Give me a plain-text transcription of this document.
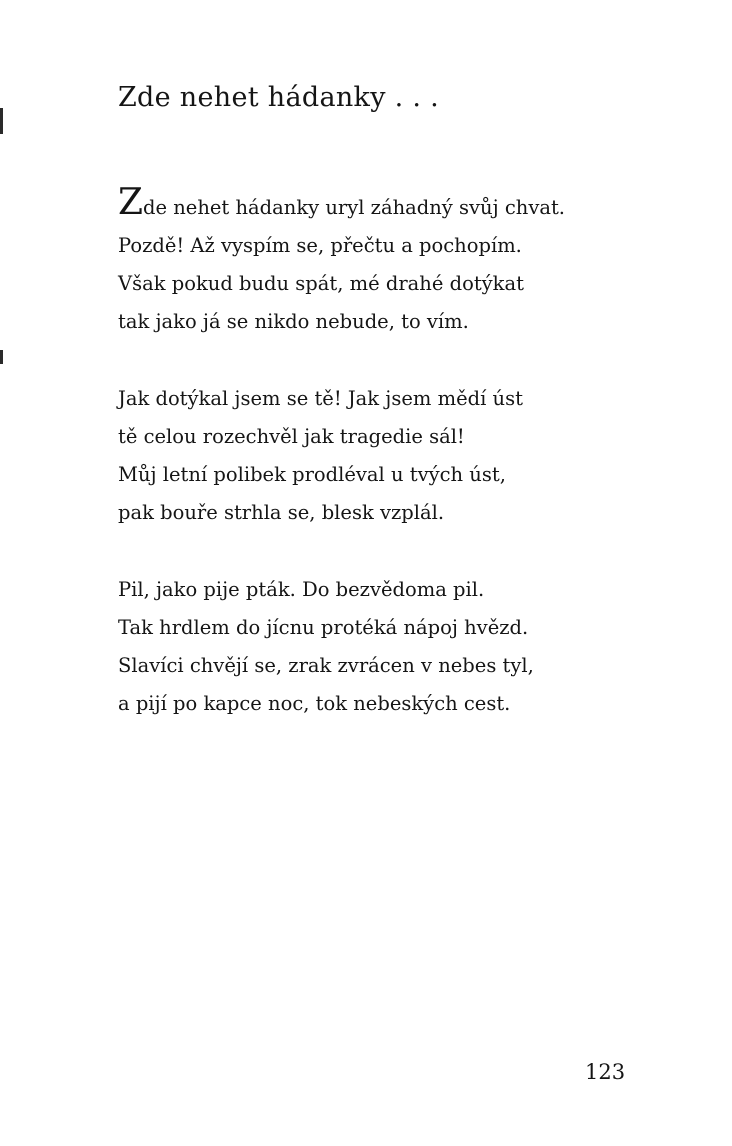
Zde nehet hádanky . . .
Zde nehet hádanky uryl záhadný svůj chvat.
Pozdě! Až vyspím se, přečtu a pochopím.
Však pokud budu spát, mé drahé dotýkat
tak jako já se nikdo nebude, to vím.
Jak dotýkal jsem se tě! Jak jsem mědí úst
tě celou rozechvěl jak tragedie sál!
Můj letní polibek prodléval u tvých úst,
pak bouře strhla se, blesk vzplál.
Pil, jako pije pták. Do bezvědoma pil.
Tak hrdlem do jícnu protéká nápoj hvězd.
Slavíci chvějí se, zrak zvrácen v nebes tyl,
a pijí po kapce noc, tok nebeských cest.
123
